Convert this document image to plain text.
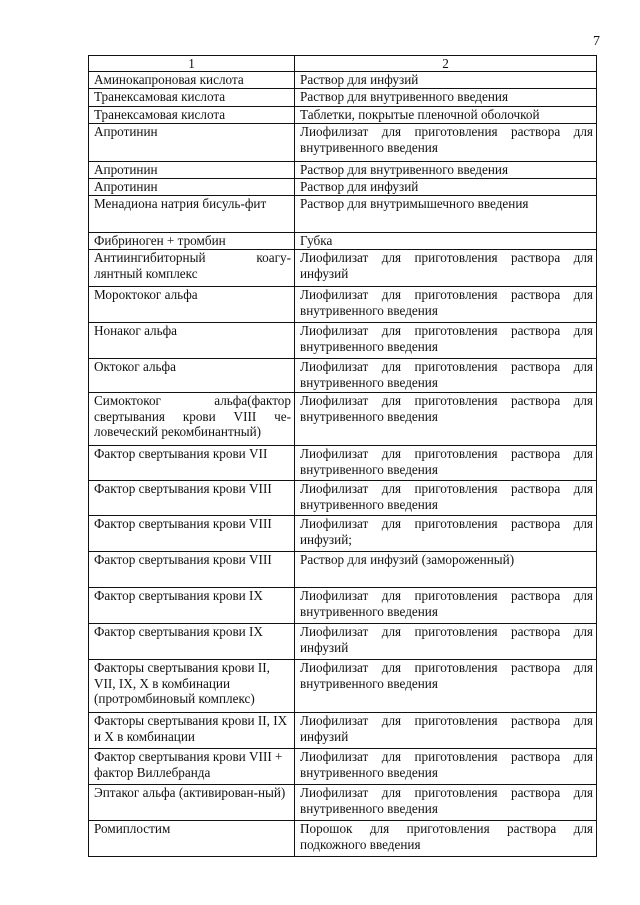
7
1	2
Аминокапроновая кислота	Раствор для инфузий
Транексамовая кислота	Раствор для внутривенного введения
Транексамовая кислота	Таблетки, покрытые пленочной оболочкой
Апротинин	Лиофилизат для приготовления раствора для внутривенного введения
Апротинин	Раствор для внутривенного введения
Апротинин	Раствор для инфузий
Менадиона натрия бисуль-фит	Раствор для внутримышечного введения
Фибриноген + тромбин	Губка
Антиингибиторный коагу-лянтный комплекс	Лиофилизат для приготовления раствора для инфузий
Мороктоког альфа	Лиофилизат для приготовления раствора для внутривенного введения
Нонаког альфа	Лиофилизат для приготовления раствора для внутривенного введения
Октоког альфа	Лиофилизат для приготовления раствора для внутривенного введения
Симоктоког альфа(фактор свертывания крови VIII че-ловеческий рекомбинантный)	Лиофилизат для приготовления раствора для внутривенного введения
Фактор свертывания крови VII	Лиофилизат для приготовления раствора для внутривенного введения
Фактор свертывания крови VIII	Лиофилизат для приготовления раствора для внутривенного введения
Фактор свертывания крови VIII	Лиофилизат для приготовления раствора для инфузий;
Фактор свертывания крови VIII	Раствор для инфузий (замороженный)
Фактор свертывания крови IX	Лиофилизат для приготовления раствора для внутривенного введения
Фактор свертывания крови IX	Лиофилизат для приготовления раствора для инфузий
Факторы свертывания крови II, VII, IX, X в комбинации (протромбиновый комплекс)	Лиофилизат для приготовления раствора для внутривенного введения
Факторы свертывания крови II, IX и X в комбинации	Лиофилизат для приготовления раствора для инфузий
Фактор свертывания крови VIII + фактор Виллебранда	Лиофилизат для приготовления раствора для внутривенного введения
Эптаког альфа (активирован-ный)	Лиофилизат для приготовления раствора для внутривенного введения
Ромиплостим	Порошок для приготовления раствора для подкожного введения
